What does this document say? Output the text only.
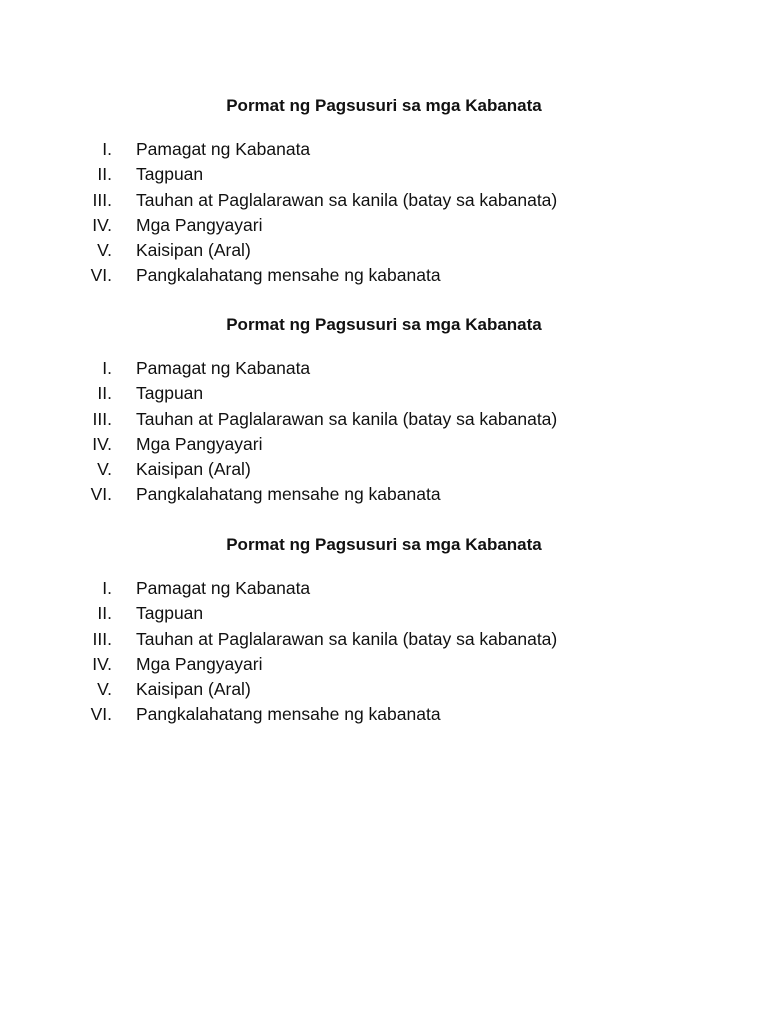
Pormat ng Pagsusuri sa mga Kabanata
I. Pamagat ng Kabanata
II. Tagpuan
III. Tauhan at Paglalarawan sa kanila (batay sa kabanata)
IV. Mga Pangyayari
V. Kaisipan (Aral)
VI. Pangkalahatang mensahe ng kabanata
Pormat ng Pagsusuri sa mga Kabanata
I. Pamagat ng Kabanata
II. Tagpuan
III. Tauhan at Paglalarawan sa kanila (batay sa kabanata)
IV. Mga Pangyayari
V. Kaisipan (Aral)
VI. Pangkalahatang mensahe ng kabanata
Pormat ng Pagsusuri sa mga Kabanata
I. Pamagat ng Kabanata
II. Tagpuan
III. Tauhan at Paglalarawan sa kanila (batay sa kabanata)
IV. Mga Pangyayari
V. Kaisipan (Aral)
VI. Pangkalahatang mensahe ng kabanata
